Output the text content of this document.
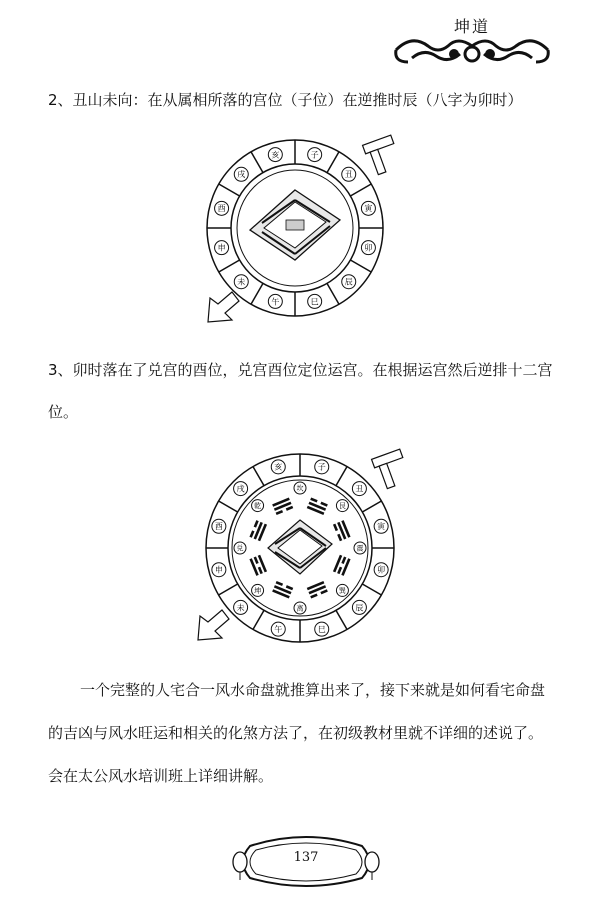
坤道

2、丑山未向：在从属相所落的宫位（子位）在逆推时辰（八字为卯时）

子
丑
寅
卯
辰
巳
午
未
申
酉
戌
亥

3、卯时落在了兑宫的酉位，兑宫酉位定位运宫。在根据运宫然后逆排十二宫

位。

坎
艮
震
巽
离
坤
兑
乾
子
丑
寅
卯
辰
巳
午
未
申
酉
戌
亥

一个完整的人宅合一风水命盘就推算出来了，接下来就是如何看宅命盘

的吉凶与风水旺运和相关的化煞方法了，在初级教材里就不详细的述说了。

会在太公风水培训班上详细讲解。

137
